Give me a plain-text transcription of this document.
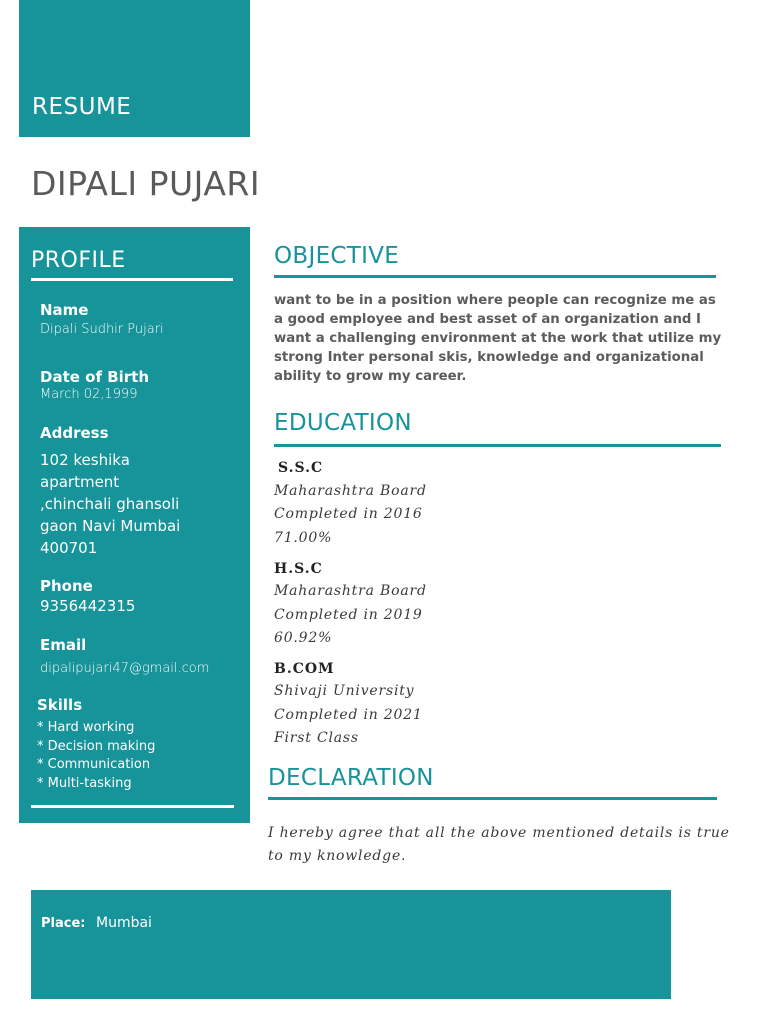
RESUME
DIPALI PUJARI
PROFILE
Name
Dipali Sudhir Pujari
Date of Birth
March 02,1999
Address
102 keshika
apartment
,chinchali ghansoli
gaon Navi Mumbai
400701
Phone
9356442315
Email
dipalipujari47@gmail.com
Skills
* Hard working
* Decision making
* Communication
* Multi-tasking
OBJECTIVE
want to be in a position where people can recognize me as a good employee and best asset of an organization and I want a challenging environment at the work that utilize my strong Inter personal skis, knowledge and organizational ability to grow my career.
EDUCATION
S.S.C
Maharashtra Board
Completed in 2016
71.00%
H.S.C
Maharashtra Board
Completed in 2019
60.92%
B.COM
Shivaji University
Completed in 2021
First Class
DECLARATION
I hereby agree that all the above mentioned details is true to my knowledge.
Place: Mumbai
